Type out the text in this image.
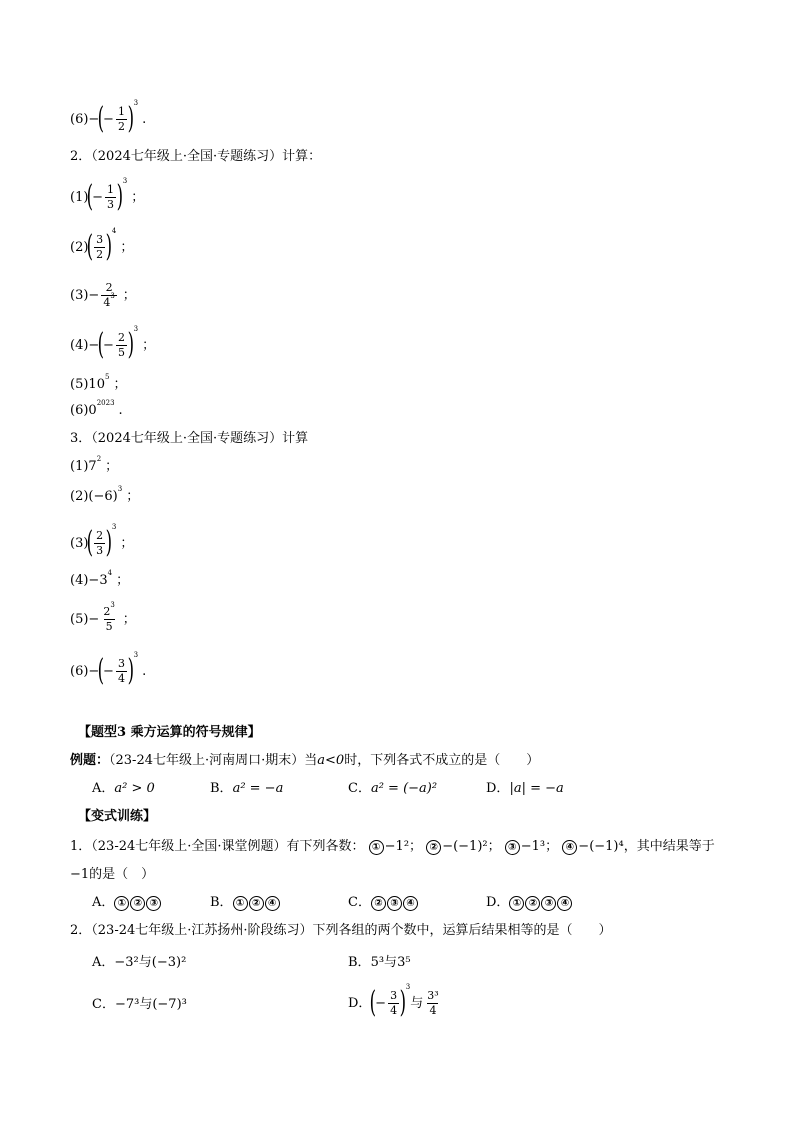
(6) −
(
− $\frac{1}{2}$ ) 3
.
2．（2024七年级上·全国·专题练习）计算：
(1)
(
− $\frac{1}{3}$ ) 3
；
(2)
( $\frac{3}{2}$ ) 4
；
$(3) - \frac{2}{4^3}$ ；
(4) −
(
− $\frac{2}{5}$ ) 3
；
$(5)10^5$ ；
$(6)0^{2023}$ .
3．（2024七年级上·全国·专题练习）计算
$(1)7^2$ ；
$(2)(-6)^3$ ；
(3)
( $\frac{2}{3}$ ) 3
；
$(4)-3^4$ ；
$(5) - \frac{2^3}{5}$ ；
(6) −
(
− $\frac{3}{4}$ ) 3
.
【题型3 乘方运算的符号规律】
例题：（23-24七年级上·河南周口·期末）当a<0时，下列各式不成立的是（　　）
A．a² > 0	B．a² = −a	C．a² = (−a)²	D．|a| = −a
【变式训练】
1．（23-24七年级上·全国·课堂例题）有下列各数： ① −1²； ② −(−1)²； ③ −1³； ④ −(−1)⁴，其中结果等于
−1的是（　）
A． ① ② ③	B． ① ② ④	C． ② ③ ④	D． ① ② ③ ④
2．（23-24七年级上·江苏扬州·阶段练习）下列各组的两个数中，运算后结果相等的是（　　）
A．−3²与(−3)²	B．5³与3⁵
C．−7³与(−7)³	D．
(
− $\frac{3}{4}$ ) 3
与 $\frac{\text{3³}}{4}$
